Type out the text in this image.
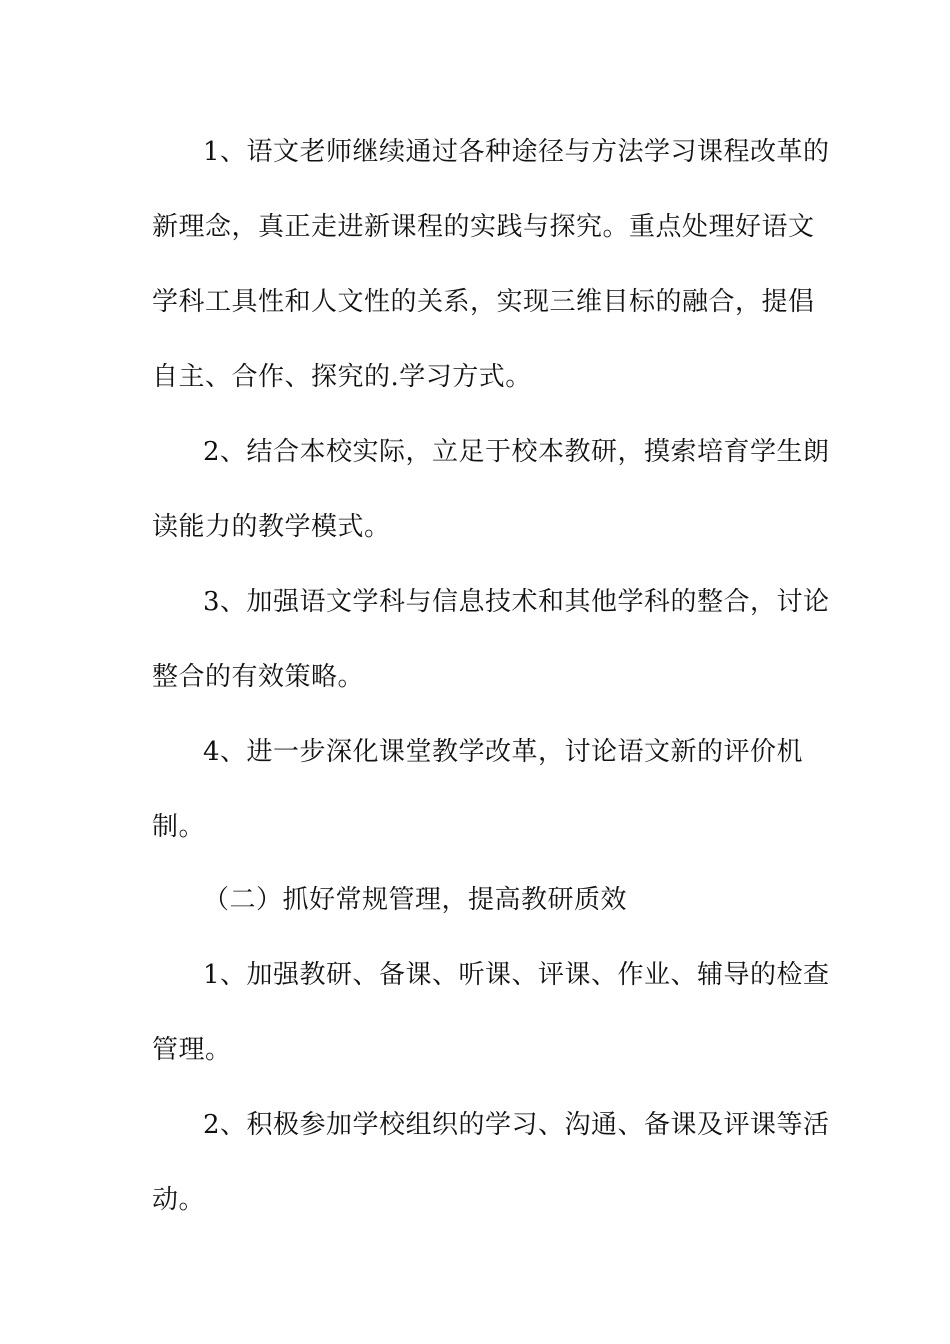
1、语文老师继续通过各种途径与方法学习课程改革的
新理念，真正走进新课程的实践与探究。重点处理好语文
学科工具性和人文性的关系，实现三维目标的融合，提倡
自主、合作、探究的.学习方式。
2、结合本校实际，立足于校本教研，摸索培育学生朗
读能力的教学模式。
3、加强语文学科与信息技术和其他学科的整合，讨论
整合的有效策略。
4、进一步深化课堂教学改革，讨论语文新的评价机
制。
（二）抓好常规管理，提高教研质效
1、加强教研、备课、听课、评课、作业、辅导的检查
管理。
2、积极参加学校组织的学习、沟通、备课及评课等活
动。
